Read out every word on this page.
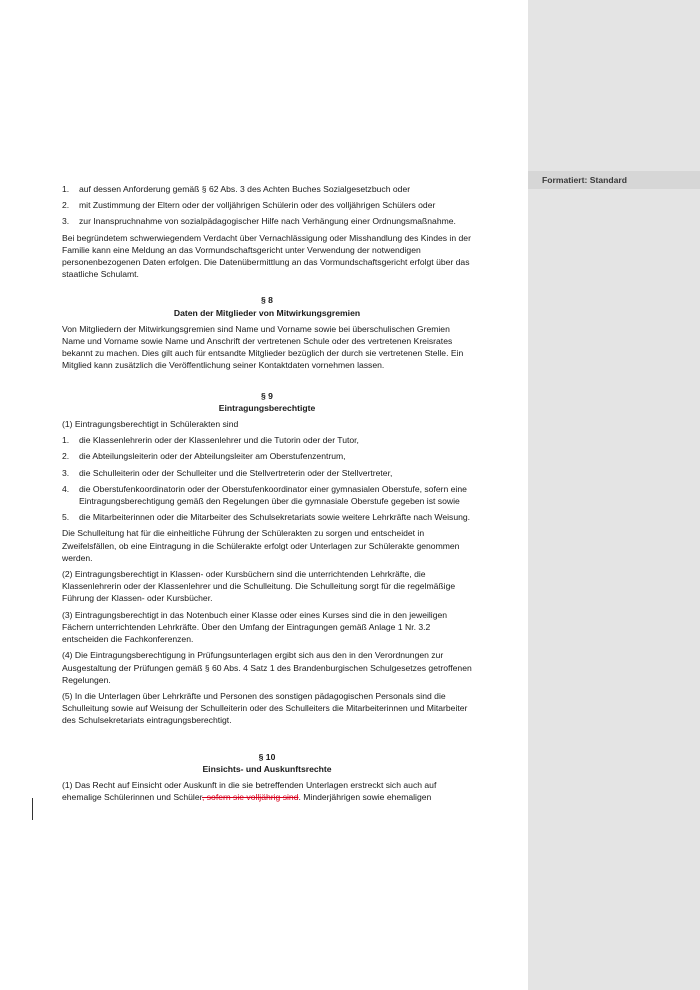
Formatiert: Standard
1. auf dessen Anforderung gemäß § 62 Abs. 3 des Achten Buches Sozialgesetzbuch oder
2. mit Zustimmung der Eltern oder der volljährigen Schülerin oder des volljährigen Schülers oder
3. zur Inanspruchnahme von sozialpädagogischer Hilfe nach Verhängung einer Ordnungsmaßnahme.

Bei begründetem schwerwiegendem Verdacht über Vernachlässigung oder Misshandlung des Kindes in der Familie kann eine Meldung an das Vormundschaftsgericht unter Verwendung der notwendigen personenbezogenen Daten erfolgen. Die Datenübermittlung an das Vormundschaftsgericht erfolgt über das staatliche Schulamt.

§ 8
Daten der Mitglieder von Mitwirkungsgremien

Von Mitgliedern der Mitwirkungsgremien sind Name und Vorname sowie bei überschulischen Gremien Name und Vorname sowie Name und Anschrift der vertretenen Schule oder des vertretenen Kreisrates bekannt zu machen. Dies gilt auch für entsandte Mitglieder bezüglich der durch sie vertretenen Stelle. Ein Mitglied kann zusätzlich die Veröffentlichung seiner Kontaktdaten vornehmen lassen.

§ 9
Eintragungsberechtigte

(1) Eintragungsberechtigt in Schülerakten sind

1. die Klassenlehrerin oder der Klassenlehrer und die Tutorin oder der Tutor,
2. die Abteilungsleiterin oder der Abteilungsleiter am Oberstufenzentrum,
3. die Schulleiterin oder der Schulleiter und die Stellvertreterin oder der Stellvertreter,
4. die Oberstufenkoordinatorin oder der Oberstufenkoordinator einer gymnasialen Oberstufe, sofern eine Eintragungsberechtigung gemäß den Regelungen über die gymnasiale Oberstufe gegeben ist sowie
5. die Mitarbeiterinnen oder die Mitarbeiter des Schulsekretariats sowie weitere Lehrkräfte nach Weisung.

Die Schulleitung hat für die einheitliche Führung der Schülerakten zu sorgen und entscheidet in Zweifelsfällen, ob eine Eintragung in die Schülerakte erfolgt oder Unterlagen zur Schülerakte genommen werden.

(2) Eintragungsberechtigt in Klassen- oder Kursbüchern sind die unterrichtenden Lehrkräfte, die Klassenlehrerin oder der Klassenlehrer und die Schulleitung. Die Schulleitung sorgt für die regelmäßige Führung der Klassen- oder Kursbücher.

(3) Eintragungsberechtigt in das Notenbuch einer Klasse oder eines Kurses sind die in den jeweiligen Fächern unterrichtenden Lehrkräfte. Über den Umfang der Eintragungen gemäß Anlage 1 Nr. 3.2 entscheiden die Fachkonferenzen.

(4) Die Eintragungsberechtigung in Prüfungsunterlagen ergibt sich aus den in den Verordnungen zur Ausgestaltung der Prüfungen gemäß § 60 Abs. 4 Satz 1 des Brandenburgischen Schulgesetzes getroffenen Regelungen.

(5) In die Unterlagen über Lehrkräfte und Personen des sonstigen pädagogischen Personals sind die Schulleitung sowie auf Weisung der Schulleiterin oder des Schulleiters die Mitarbeiterinnen und Mitarbeiter des Schulsekretariats eintragungsberechtigt.

§ 10
Einsichts- und Auskunftsrechte

(1) Das Recht auf Einsicht oder Auskunft in die sie betreffenden Unterlagen erstreckt sich auch auf ehemalige Schülerinnen und Schüler, sofern sie volljährig sind. Minderjährigen sowie ehemaligen
